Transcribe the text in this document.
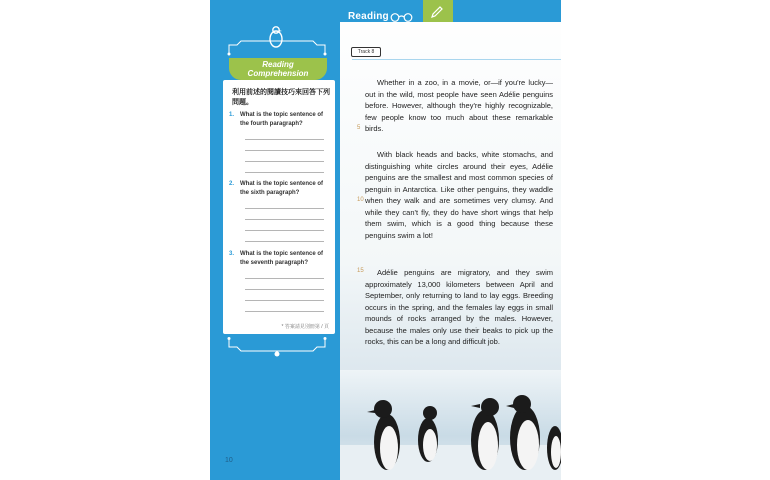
Reading
Comprehension
利用前述的閱讀技巧來回答下列問題。
1. What is the topic sentence of the fourth paragraph?
2. What is the topic sentence of the sixth paragraph?
3. What is the topic sentence of the seventh paragraph?
* 答案請見別冊第 / 頁
10
Reading
Track 8

Whether in a zoo, in a movie, or—if you're lucky—out in the wild, most people have seen Adélie penguins before. However, although they're highly recognizable, few people know too much about these remarkable birds.

5

With black heads and backs, white stomachs, and distinguishing white circles around their eyes, Adélie penguins are the smallest and most common species of penguin in Antarctica. Like other penguins, they waddle when they walk and are sometimes very clumsy. And while they can't fly, they do have short wings that help them swim, which is a good thing because these penguins swim a lot!

10

Adélie penguins are migratory, and they swim approximately 13,000 kilometers between April and September, only returning to land to lay eggs. Breeding occurs in the spring, and the females lay eggs in small mounds of rocks arranged by the males. However, because the males only use their beaks to pick up the rocks, this can be a long and difficult job.

15
